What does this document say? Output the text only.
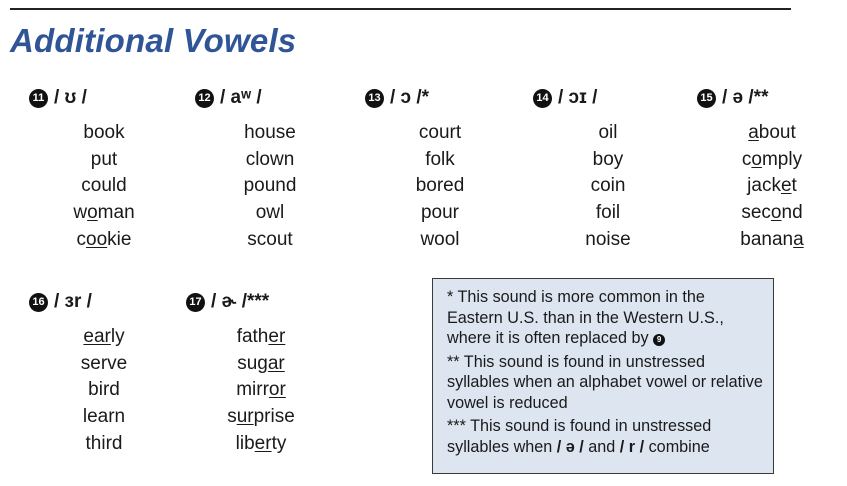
Additional Vowels
11 / ʊ /
book
put
could
woman
cookie
12 / aʷ /
house
clown
pound
owl
scout
13 / ɔ /*
court
folk
bored
pour
wool
14 / ɔɪ /
oil
boy
coin
foil
noise
15 / ə /**
about
comply
jacket
second
banana
16 / ɜr /
early
serve
bird
learn
third
17 / ɚ /***
father
sugar
mirror
surprise
liberty
* This sound is more common in the Eastern U.S. than in the Western U.S., where it is often replaced by 9
** This sound is found in unstressed syllables when an alphabet vowel or relative vowel is reduced
*** This sound is found in unstressed syllables when / ə / and / r / combine
